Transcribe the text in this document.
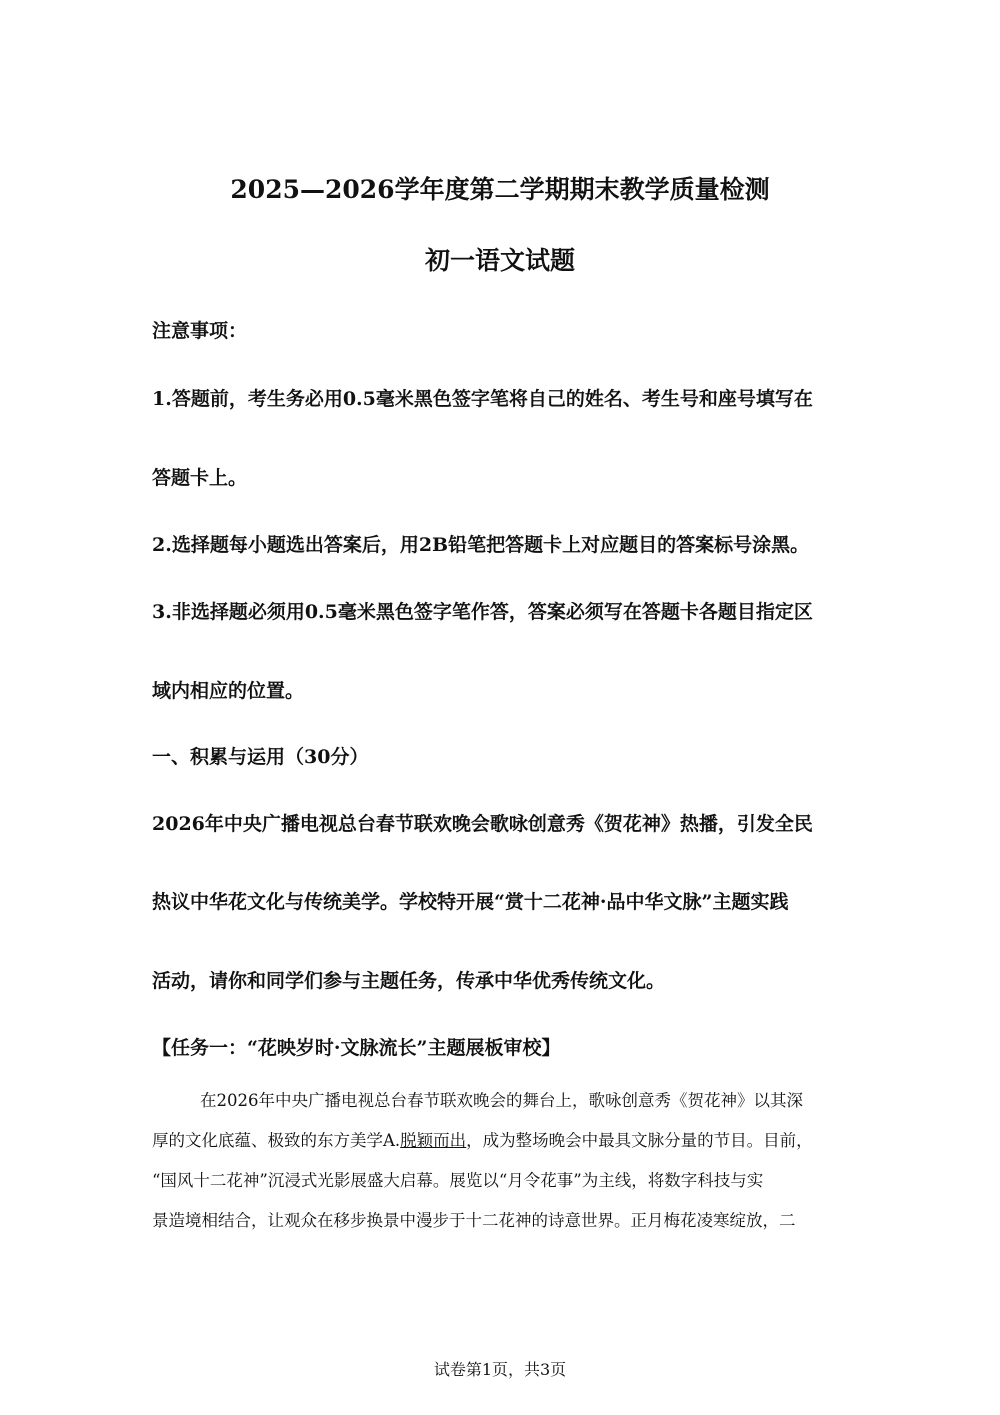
2025—2026学年度第二学期期末教学质量检测
初一语文试题
注意事项：
1.答题前，考生务必用0.5毫米黑色签字笔将自己的姓名、考生号和座号填写在
答题卡上。
2.选择题每小题选出答案后，用2B铅笔把答题卡上对应题目的答案标号涂黑。
3.非选择题必须用0.5毫米黑色签字笔作答，答案必须写在答题卡各题目指定区
域内相应的位置。
一、积累与运用（30分）
2026年中央广播电视总台春节联欢晚会歌咏创意秀《贺花神》热播，引发全民
热议中华花文化与传统美学。学校特开展“赏十二花神·品中华文脉”主题实践
活动，请你和同学们参与主题任务，传承中华优秀传统文化。
【任务一：“花映岁时·文脉流长”主题展板审校】
在2026年中央广播电视总台春节联欢晚会的舞台上，歌咏创意秀《贺花神》以其深
厚的文化底蕴、极致的东方美学A.脱颖而出，成为整场晚会中最具文脉分量的节目。目前，
“国风十二花神”沉浸式光影展盛大启幕。展览以“月令花事”为主线，将数字科技与实
景造境相结合，让观众在移步换景中漫步于十二花神的诗意世界。正月梅花凌寒绽放，二
试卷第1页，共3页
